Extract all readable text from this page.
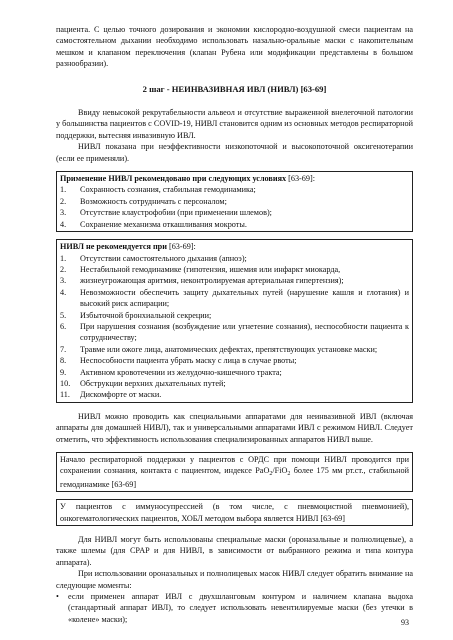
пациента. С целью точного дозирования и экономии кислородно-воздушной смеси пациентам на самостоятельном дыхании необходимо использовать назально-оральные маски с накопительным мешком и клапаном переключения (клапан Рубена или модификации представлены в большом разнообразии).

2 шаг - НЕИНВАЗИВНАЯ ИВЛ (НИВЛ) [63-69]

Ввиду невысокой рекрутабельности альвеол и отсутствие выраженной внелегочной патологии у большинства пациентов с COVID-19, НИВЛ становится одним из основных методов респираторной поддержки, вытесняя инвазивную ИВЛ.

НИВЛ показана при неэффективности низкопоточной и высокопоточной оксигенотерапии (если ее применяли).

Применение НИВЛ рекомендовано при следующих условиях [63-69]:
1.	Сохранность сознания, стабильная гемодинамика;
2.	Возможность сотрудничать с персоналом;
3.	Отсутствие клаустрофобии (при применении шлемов);
4.	Сохранение механизма откашливания мокроты.
НИВЛ не рекомендуется при [63-69]:
1.	Отсутствии самостоятельного дыхания (апноэ);
2.	Нестабильной гемодинамике (гипотензия, ишемия или инфаркт миокарда,
3.	жизнеугрожающая аритмия, неконтролируемая артериальная гипертензия);
4.	Невозможности обеспечить защиту дыхательных путей (нарушение кашля и глотания) и высокий риск аспирации;
5.	Избыточной бронхиальной секреции;
6.	При нарушения сознания (возбуждение или угнетение сознания), неспособности пациента к сотрудничеству;
7.	Травме или ожоге лица, анатомических дефектах, препятствующих установке маски;
8.	Неспособности пациента убрать маску с лица в случае рвоты;
9.	Активном кровотечении из желудочно-кишечного тракта;
10.	Обструкции верхних дыхательных путей;
11.	Дискомфорте от маски.

НИВЛ можно проводить как специальными аппаратами для неинвазивной ИВЛ (включая аппараты для домашней НИВЛ), так и универсальными аппаратами ИВЛ с режимом НИВЛ. Следует отметить, что эффективность использования специализированных аппаратов НИВЛ выше.

Начало респираторной поддержки у пациентов с ОРДС при помощи НИВЛ проводится при сохранении сознания, контакта с пациентом, индексе PaO$_2$/FiO$_2$ более 175 мм рт.ст., стабильной гемодинамике [63-69]

У пациентов с иммуносупрессией (в том числе, с пневмоцистной пневмонией), онкогематологических пациентов, ХОБЛ методом выбора является НИВЛ [63-69]

Для НИВЛ могут быть использованы специальные маски (ороназальные и полнолицевые), а также шлемы (для CPAP и для НИВЛ, в зависимости от выбранного режима и типа контура аппарата).

При использовании ороназальных и полнолицевых масок НИВЛ следует обратить внимание на следующие моменты:

•	если применен аппарат ИВЛ с двухшланговым контуром и наличием клапана выдоха (стандартный аппарат ИВЛ), то следует использовать невентилируемые маски (без утечки в «колене» маски);	93
